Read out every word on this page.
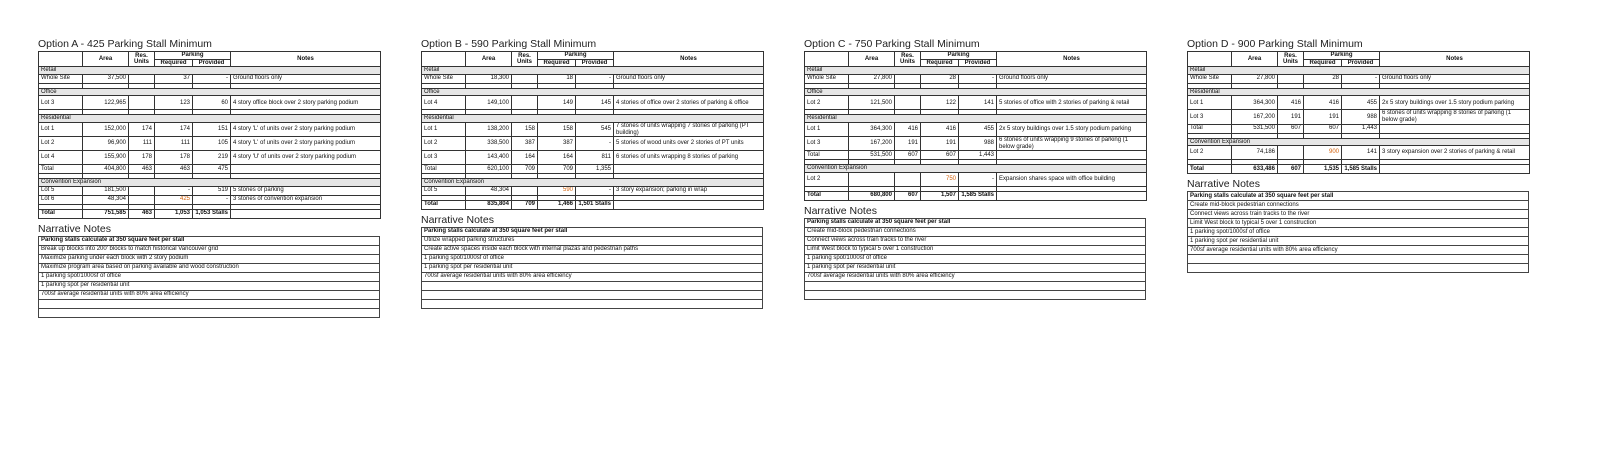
Option A - 425 Parking Stall Minimum
	Area	Res. Units	Parking		Notes
			Required	Provided	
Retail					
Whole Site	37,500		37	-	Ground floors only

Office					
Lot 3	122,965		123	60	4 story office block over 2 story parking podium

Residential					
Lot 1	152,000	174	174	151	4 story 'L' of units over 2 story parking podium
Lot 2	96,900	111	111	105	4 story 'L' of units over 2 story parking podium
Lot 4	155,900	178	178	219	4 story 'U' of units over 2 story parking podium
Total	404,800	463	463	475	

Convention Expansion					
Lot 5	181,500		-	519	5 stories of parking
Lot 6	48,304		425	-	3 stories of convention expansion

Total	751,585	463	1,053	1,053 Stalls	
Narrative Notes
Parking stalls calculate at 350 square feet per stall
Break up blocks into 200' blocks to match historical Vancouver grid
Maximize parking under each block with 2 story podium
Maximize program area based on parking available and wood construction
1 parking spot/1000sf of office
1 parking spot per residential unit
700sf average residential units with 80% area efficiency

Option B - 590 Parking Stall Minimum
	Area	Res. Units	Parking		Notes
			Required	Provided	
Retail					
Whole Site	18,300		18	-	Ground floors only

Office					
Lot 4	149,100		149	145	4 stories of office over 2 stories of parking & office

Residential					
Lot 1	138,200	158	158	545	7 stories of units wrapping 7 stories of parking (PT building)
Lot 2	338,500	387	387	-	5 stories of wood units over 2 stories of PT units
Lot 3	143,400	164	164	811	6 stories of units wrapping 8 stories of parking
Total	620,100	709	709	1,355	

Convention Expansion					
Lot 5	48,304		590	-	3 story expansion; parking in wrap

Total	835,804	709	1,466	1,501 Stalls	
Narrative Notes
Parking stalls calculate at 350 square feet per stall
Utilize wrapped parking structures
Create active spaces inside each block with internal plazas and pedestrian paths
1 parking spot/1000sf of office
1 parking spot per residential unit
700sf average residential units with 80% area efficiency

Option C - 750 Parking Stall Minimum
	Area	Res. Units	Parking		Notes
			Required	Provided	
Retail					
Whole Site	27,800		28	-	Ground floors only

Office					
Lot 2	121,500		122	141	5 stories of office with 2 stories of parking & retail

Residential					
Lot 1	364,300	416	416	455	2x 5 story buildings over 1.5 story podium parking
Lot 3	167,200	191	191	988	6 stories of units wrapping 9 stories of parking (1 below grade)
Total	531,500	607	607	1,443	

Convention Expansion					
Lot 2			750	-	Expansion shares space with office building

Total	680,800	607	1,507	1,585 Stalls	
Narrative Notes
Parking stalls calculate at 350 square feet per stall
Create mid-block pedestrian connections
Connect views across train tracks to the river
Limit West block to typical 5 over 1 construction
1 parking spot/1000sf of office
1 parking spot per residential unit
700sf average residential units with 80% area efficiency

Option D - 900 Parking Stall Minimum
	Area	Res. Units	Parking		Notes
			Required	Provided	
Retail					
Whole Site	27,800		28	-	Ground floors only

Residential					
Lot 1	364,300	416	416	455	2x 5 story buildings over 1.5 story podium parking
Lot 3	167,200	191	191	988	6 stories of units wrapping 8 stories of parking (1 below grade)
Total	531,500	607	607	1,443	

Convention Expansion					
Lot 2	74,186		900	141	3 story expansion over 2 stories of parking & retail

Total	633,486	607	1,535	1,585 Stalls	
Narrative Notes
Parking stalls calculate at 350 square feet per stall
Create mid-block pedestrian connections
Connect views across train tracks to the river
Limit West block to typical 5 over 1 construction
1 parking spot/1000sf of office
1 parking spot per residential unit
700sf average residential units with 80% area efficiency
